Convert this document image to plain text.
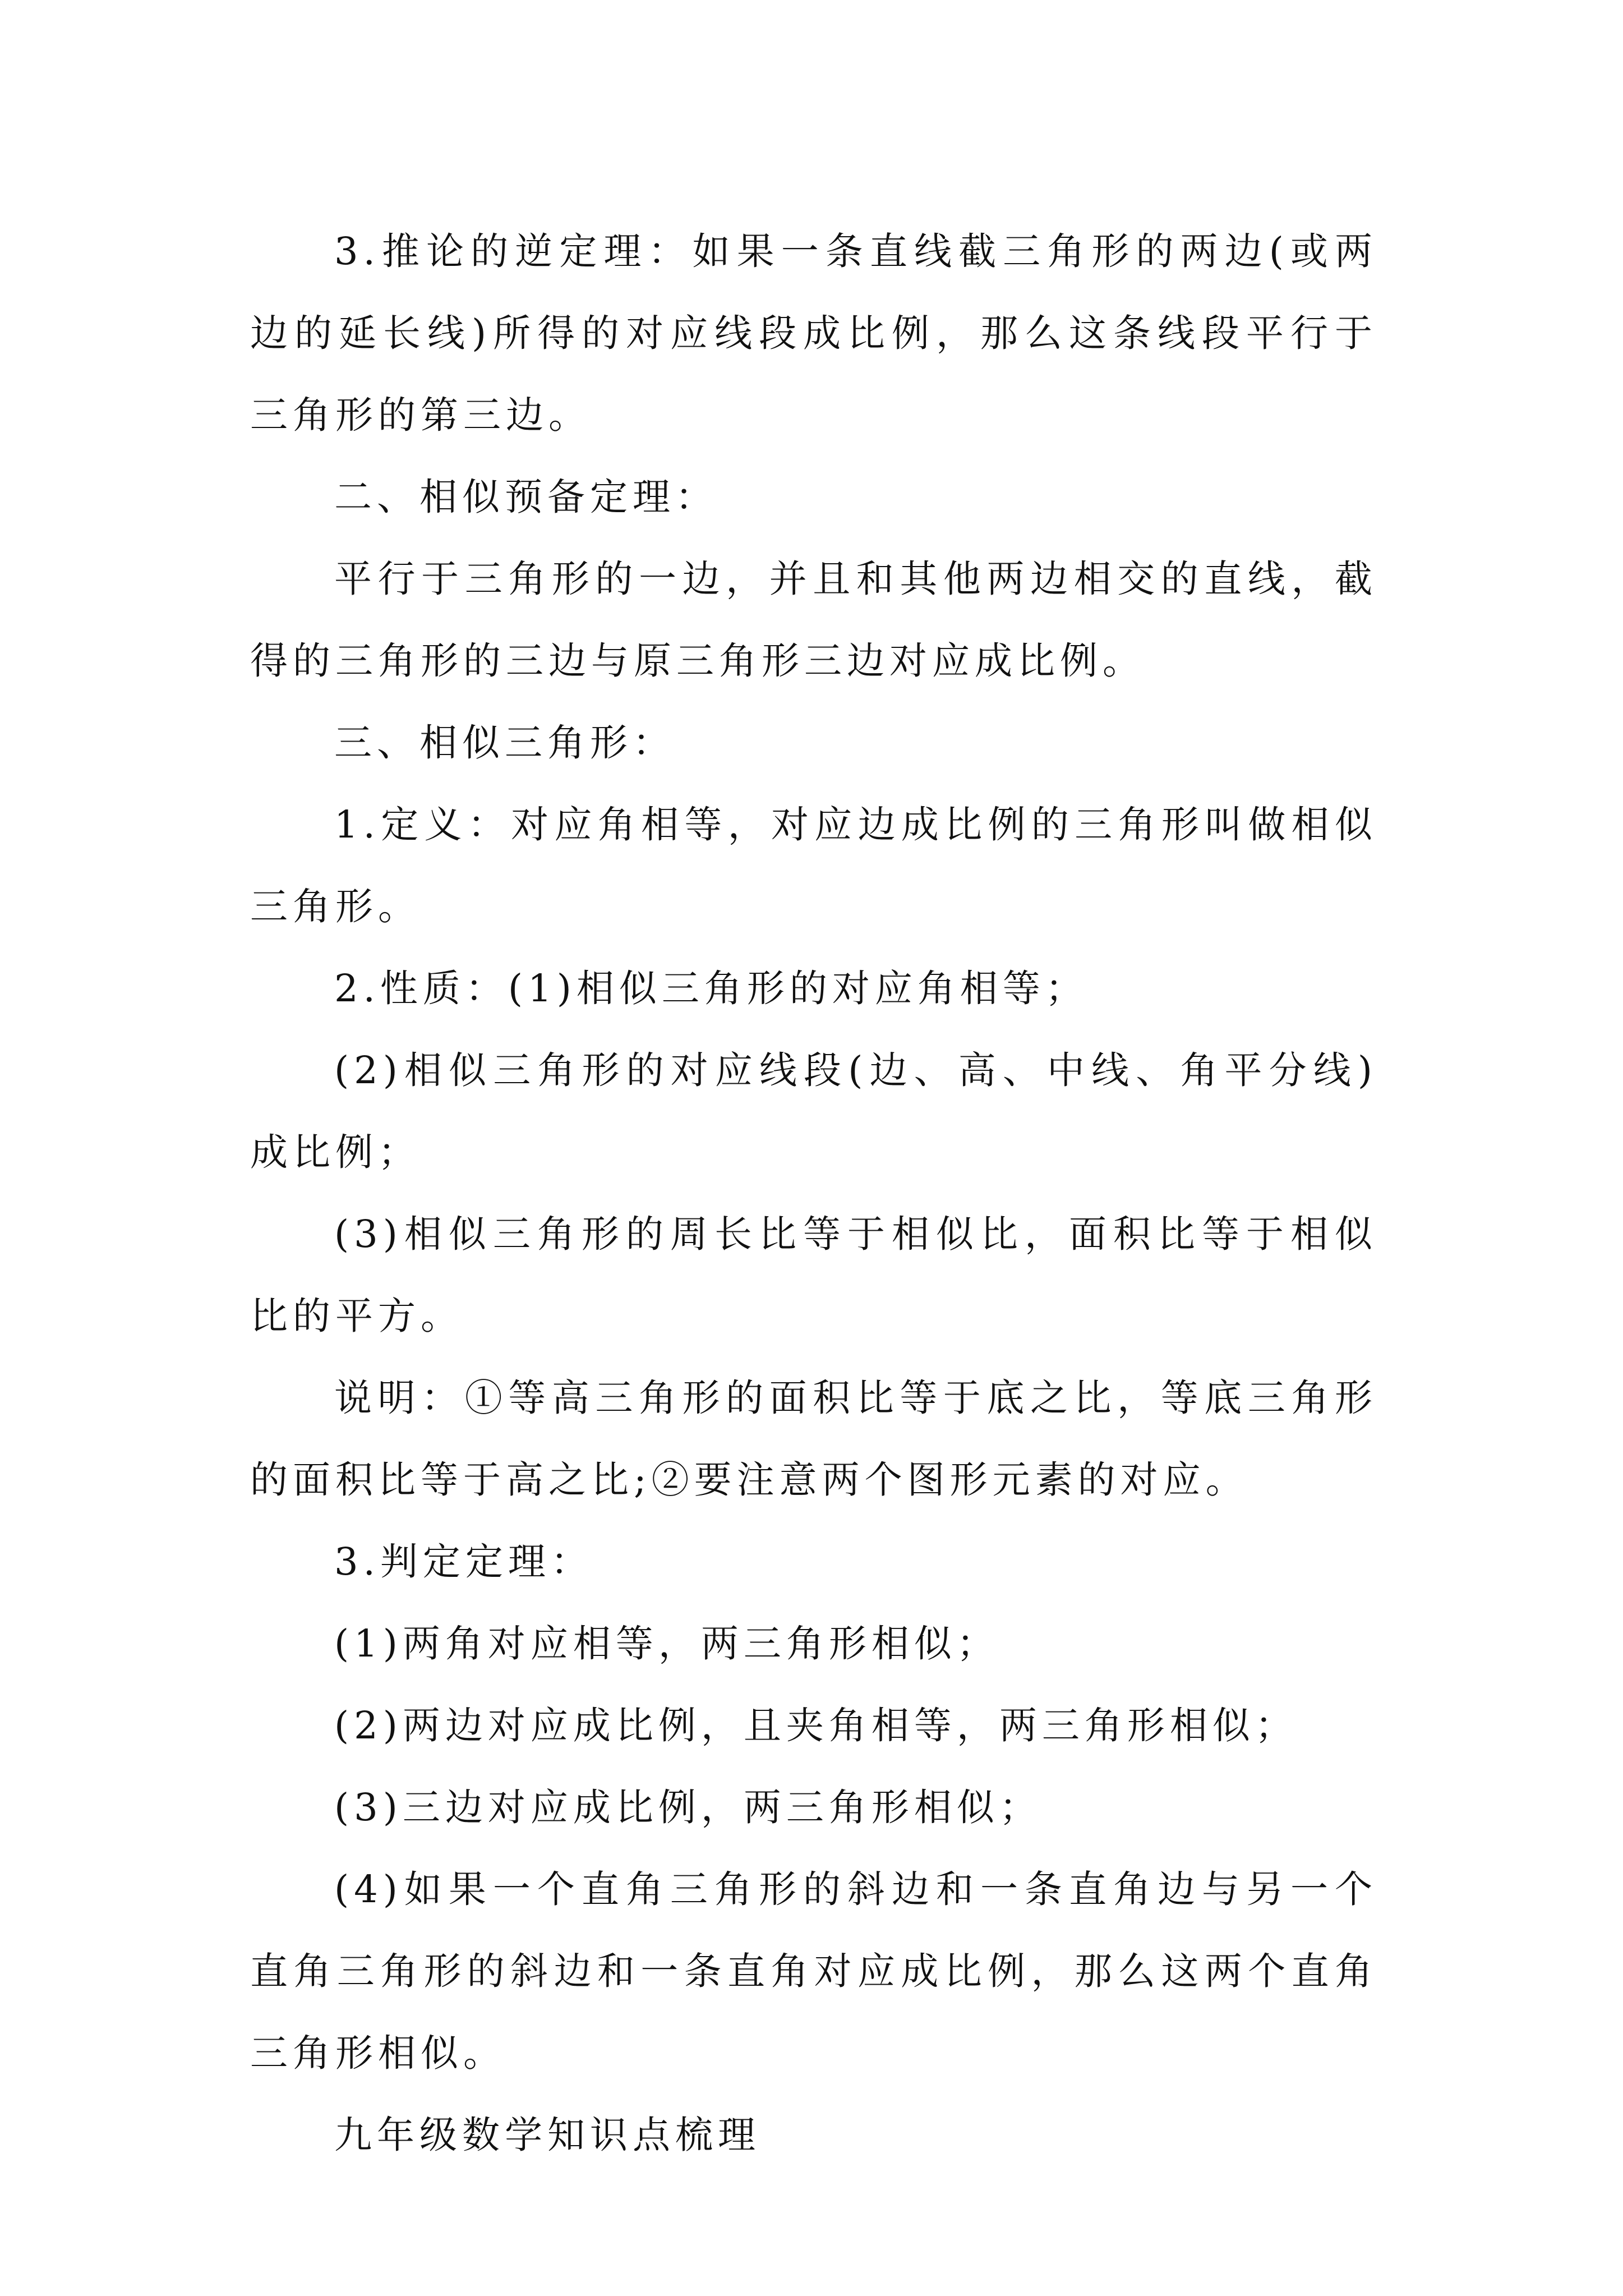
3.推论的逆定理：如果一条直线截三角形的两边(或两边的延长线)所得的对应线段成比例，那么这条线段平行于三角形的第三边。

二、相似预备定理：

平行于三角形的一边，并且和其他两边相交的直线，截得的三角形的三边与原三角形三边对应成比例。

三、相似三角形：

1.定义：对应角相等，对应边成比例的三角形叫做相似三角形。

2.性质：(1)相似三角形的对应角相等；

(2)相似三角形的对应线段(边、高、中线、角平分线)成比例；

(3)相似三角形的周长比等于相似比，面积比等于相似比的平方。

说明：①等高三角形的面积比等于底之比，等底三角形的面积比等于高之比;②要注意两个图形元素的对应。

3.判定定理：

(1)两角对应相等，两三角形相似；

(2)两边对应成比例，且夹角相等，两三角形相似；

(3)三边对应成比例，两三角形相似；

(4)如果一个直角三角形的斜边和一条直角边与另一个直角三角形的斜边和一条直角对应成比例，那么这两个直角三角形相似。

九年级数学知识点梳理
